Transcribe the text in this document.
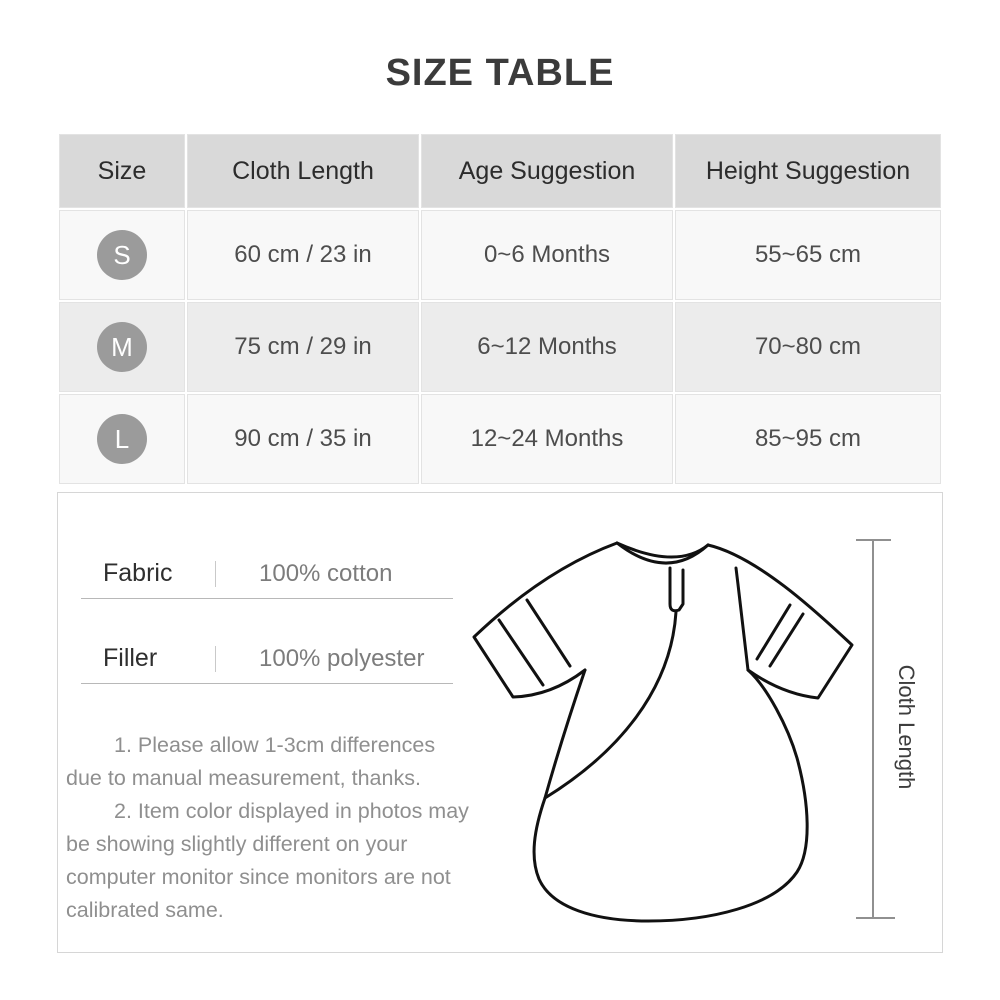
SIZE TABLE
Size	Cloth Length	Age Suggestion	Height Suggestion
S	60 cm / 23 in	0~6 Months	55~65 cm
M	75 cm / 29 in	6~12 Months	70~80 cm
L	90 cm / 35 in	12~24 Months	85~95 cm
Fabric	100% cotton
Filler	100% polyester

1. Please allow 1-3cm differences due to manual measurement, thanks.

2. Item color displayed in photos may be showing slightly different on your computer monitor since monitors are not calibrated same.

Cloth Length
